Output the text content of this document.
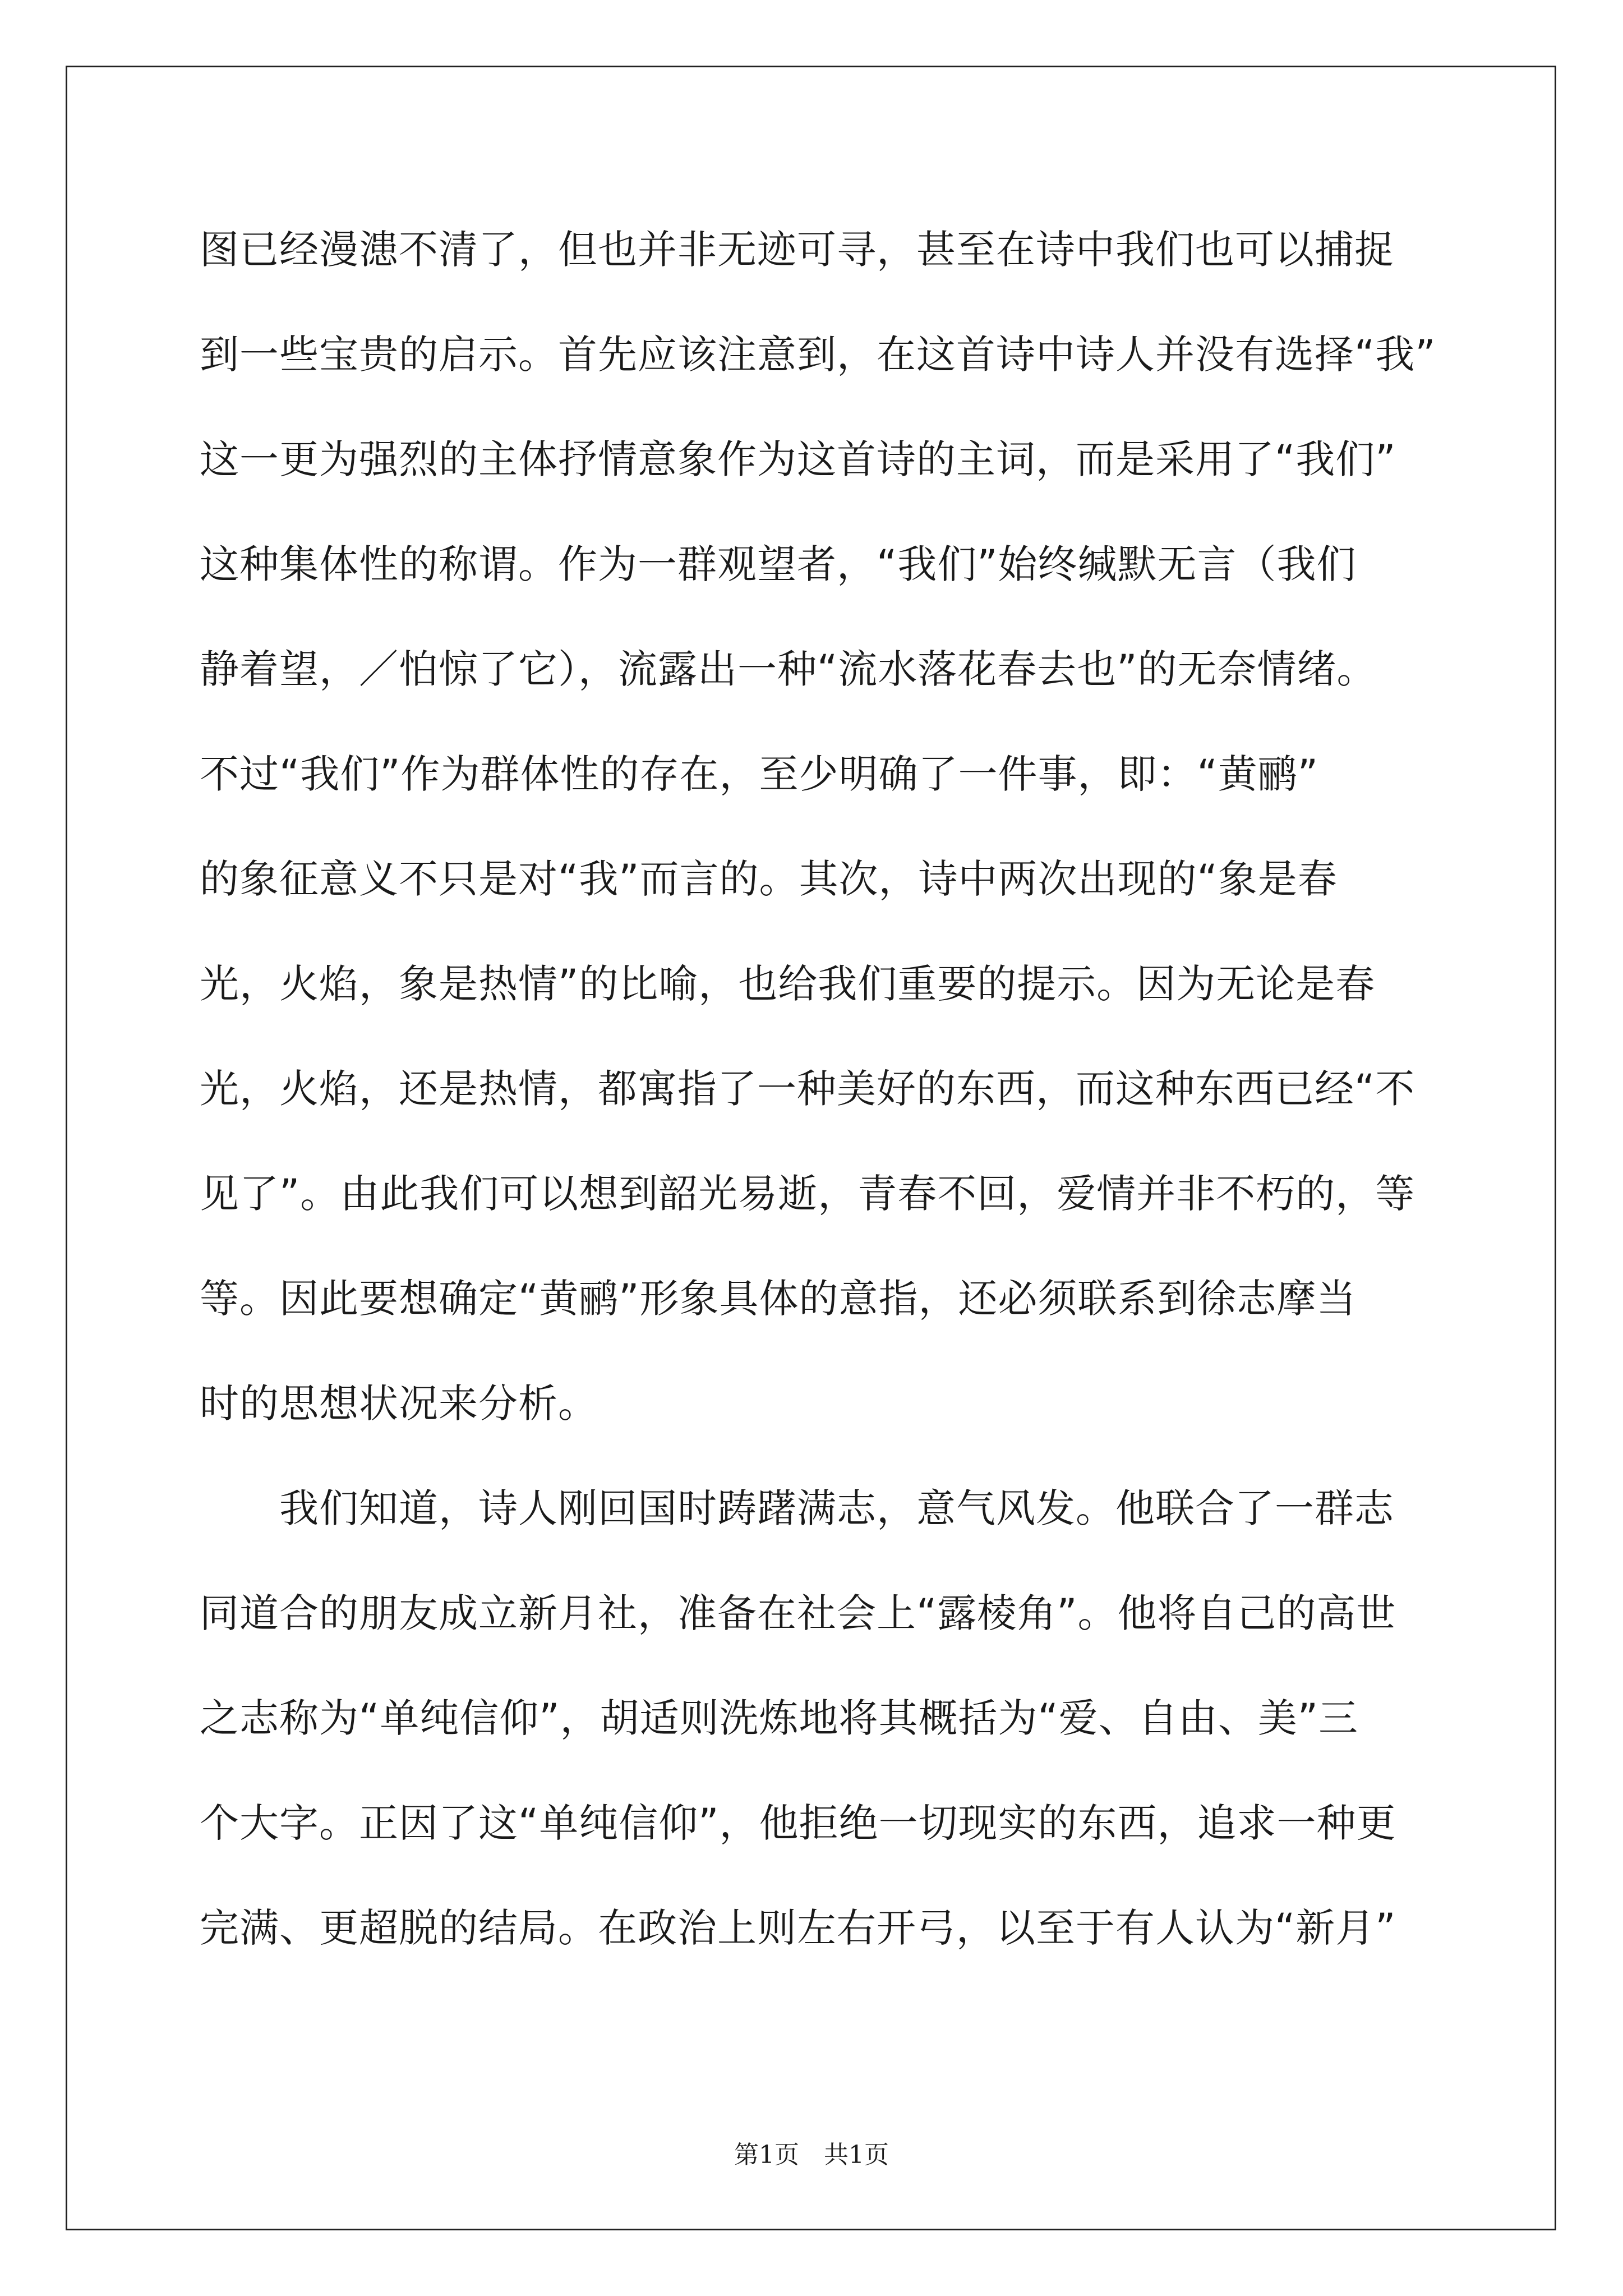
图已经漫漶不清了，但也并非无迹可寻，甚至在诗中我们也可以捕捉
到一些宝贵的启示。首先应该注意到，在这首诗中诗人并没有选择“我”
这一更为强烈的主体抒情意象作为这首诗的主词，而是采用了“我们”
这种集体性的称谓。作为一群观望者，“我们”始终缄默无言（我们
静着望，／怕惊了它），流露出一种“流水落花春去也”的无奈情绪。
不过“我们”作为群体性的存在，至少明确了一件事，即：“黄鹂”
的象征意义不只是对“我”而言的。其次，诗中两次出现的“象是春
光，火焰，象是热情”的比喻，也给我们重要的提示。因为无论是春
光，火焰，还是热情，都寓指了一种美好的东西，而这种东西已经“不
见了”。由此我们可以想到韶光易逝，青春不回，爱情并非不朽的，等
等。因此要想确定“黄鹂”形象具体的意指，还必须联系到徐志摩当
时的思想状况来分析。
　　我们知道，诗人刚回国时踌躇满志，意气风发。他联合了一群志
同道合的朋友成立新月社，准备在社会上“露棱角”。他将自己的高世
之志称为“单纯信仰”，胡适则洗炼地将其概括为“爱、自由、美”三
个大字。正因了这“单纯信仰”，他拒绝一切现实的东西，追求一种更
完满、更超脱的结局。在政治上则左右开弓，以至于有人认为“新月”
第1页　共1页
